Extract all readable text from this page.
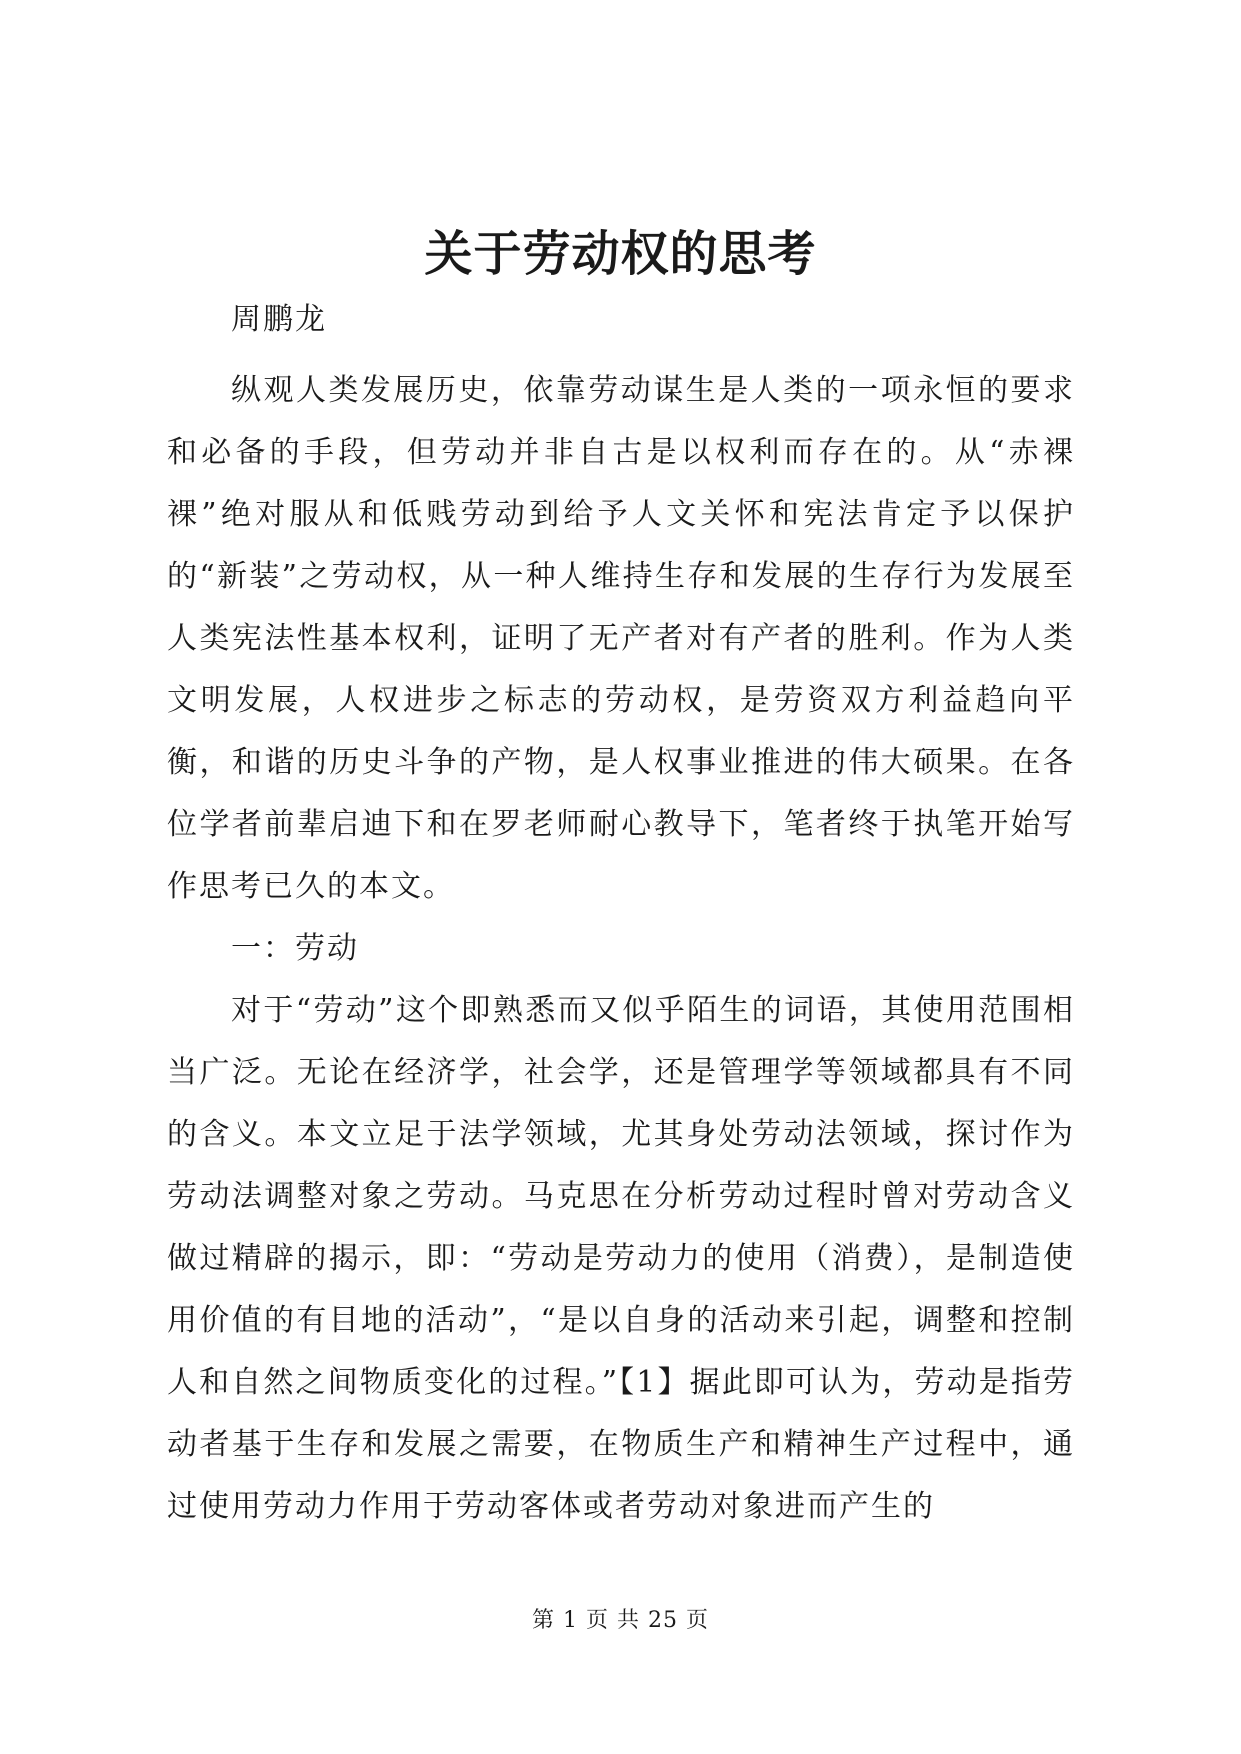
关于劳动权的思考

周鹏龙

纵观人类发展历史，依靠劳动谋生是人类的一项永恒的要求和必备的手段，但劳动并非自古是以权利而存在的。从“赤裸裸”绝对服从和低贱劳动到给予人文关怀和宪法肯定予以保护的“新装”之劳动权，从一种人维持生存和发展的生存行为发展至人类宪法性基本权利，证明了无产者对有产者的胜利。作为人类文明发展，人权进步之标志的劳动权，是劳资双方利益趋向平衡，和谐的历史斗争的产物，是人权事业推进的伟大硕果。在各位学者前辈启迪下和在罗老师耐心教导下，笔者终于执笔开始写作思考已久的本文。

一：劳动

对于“劳动”这个即熟悉而又似乎陌生的词语，其使用范围相当广泛。无论在经济学，社会学，还是管理学等领域都具有不同的含义。本文立足于法学领域，尤其身处劳动法领域，探讨作为劳动法调整对象之劳动。马克思在分析劳动过程时曾对劳动含义做过精辟的揭示，即：“劳动是劳动力的使用（消费），是制造使用价值的有目地的活动”，“是以自身的活动来引起，调整和控制人和自然之间物质变化的过程。”【1】据此即可认为，劳动是指劳动者基于生存和发展之需要，在物质生产和精神生产过程中，通过使用劳动力作用于劳动客体或者劳动对象进而产生的

第 1 页 共 25 页
